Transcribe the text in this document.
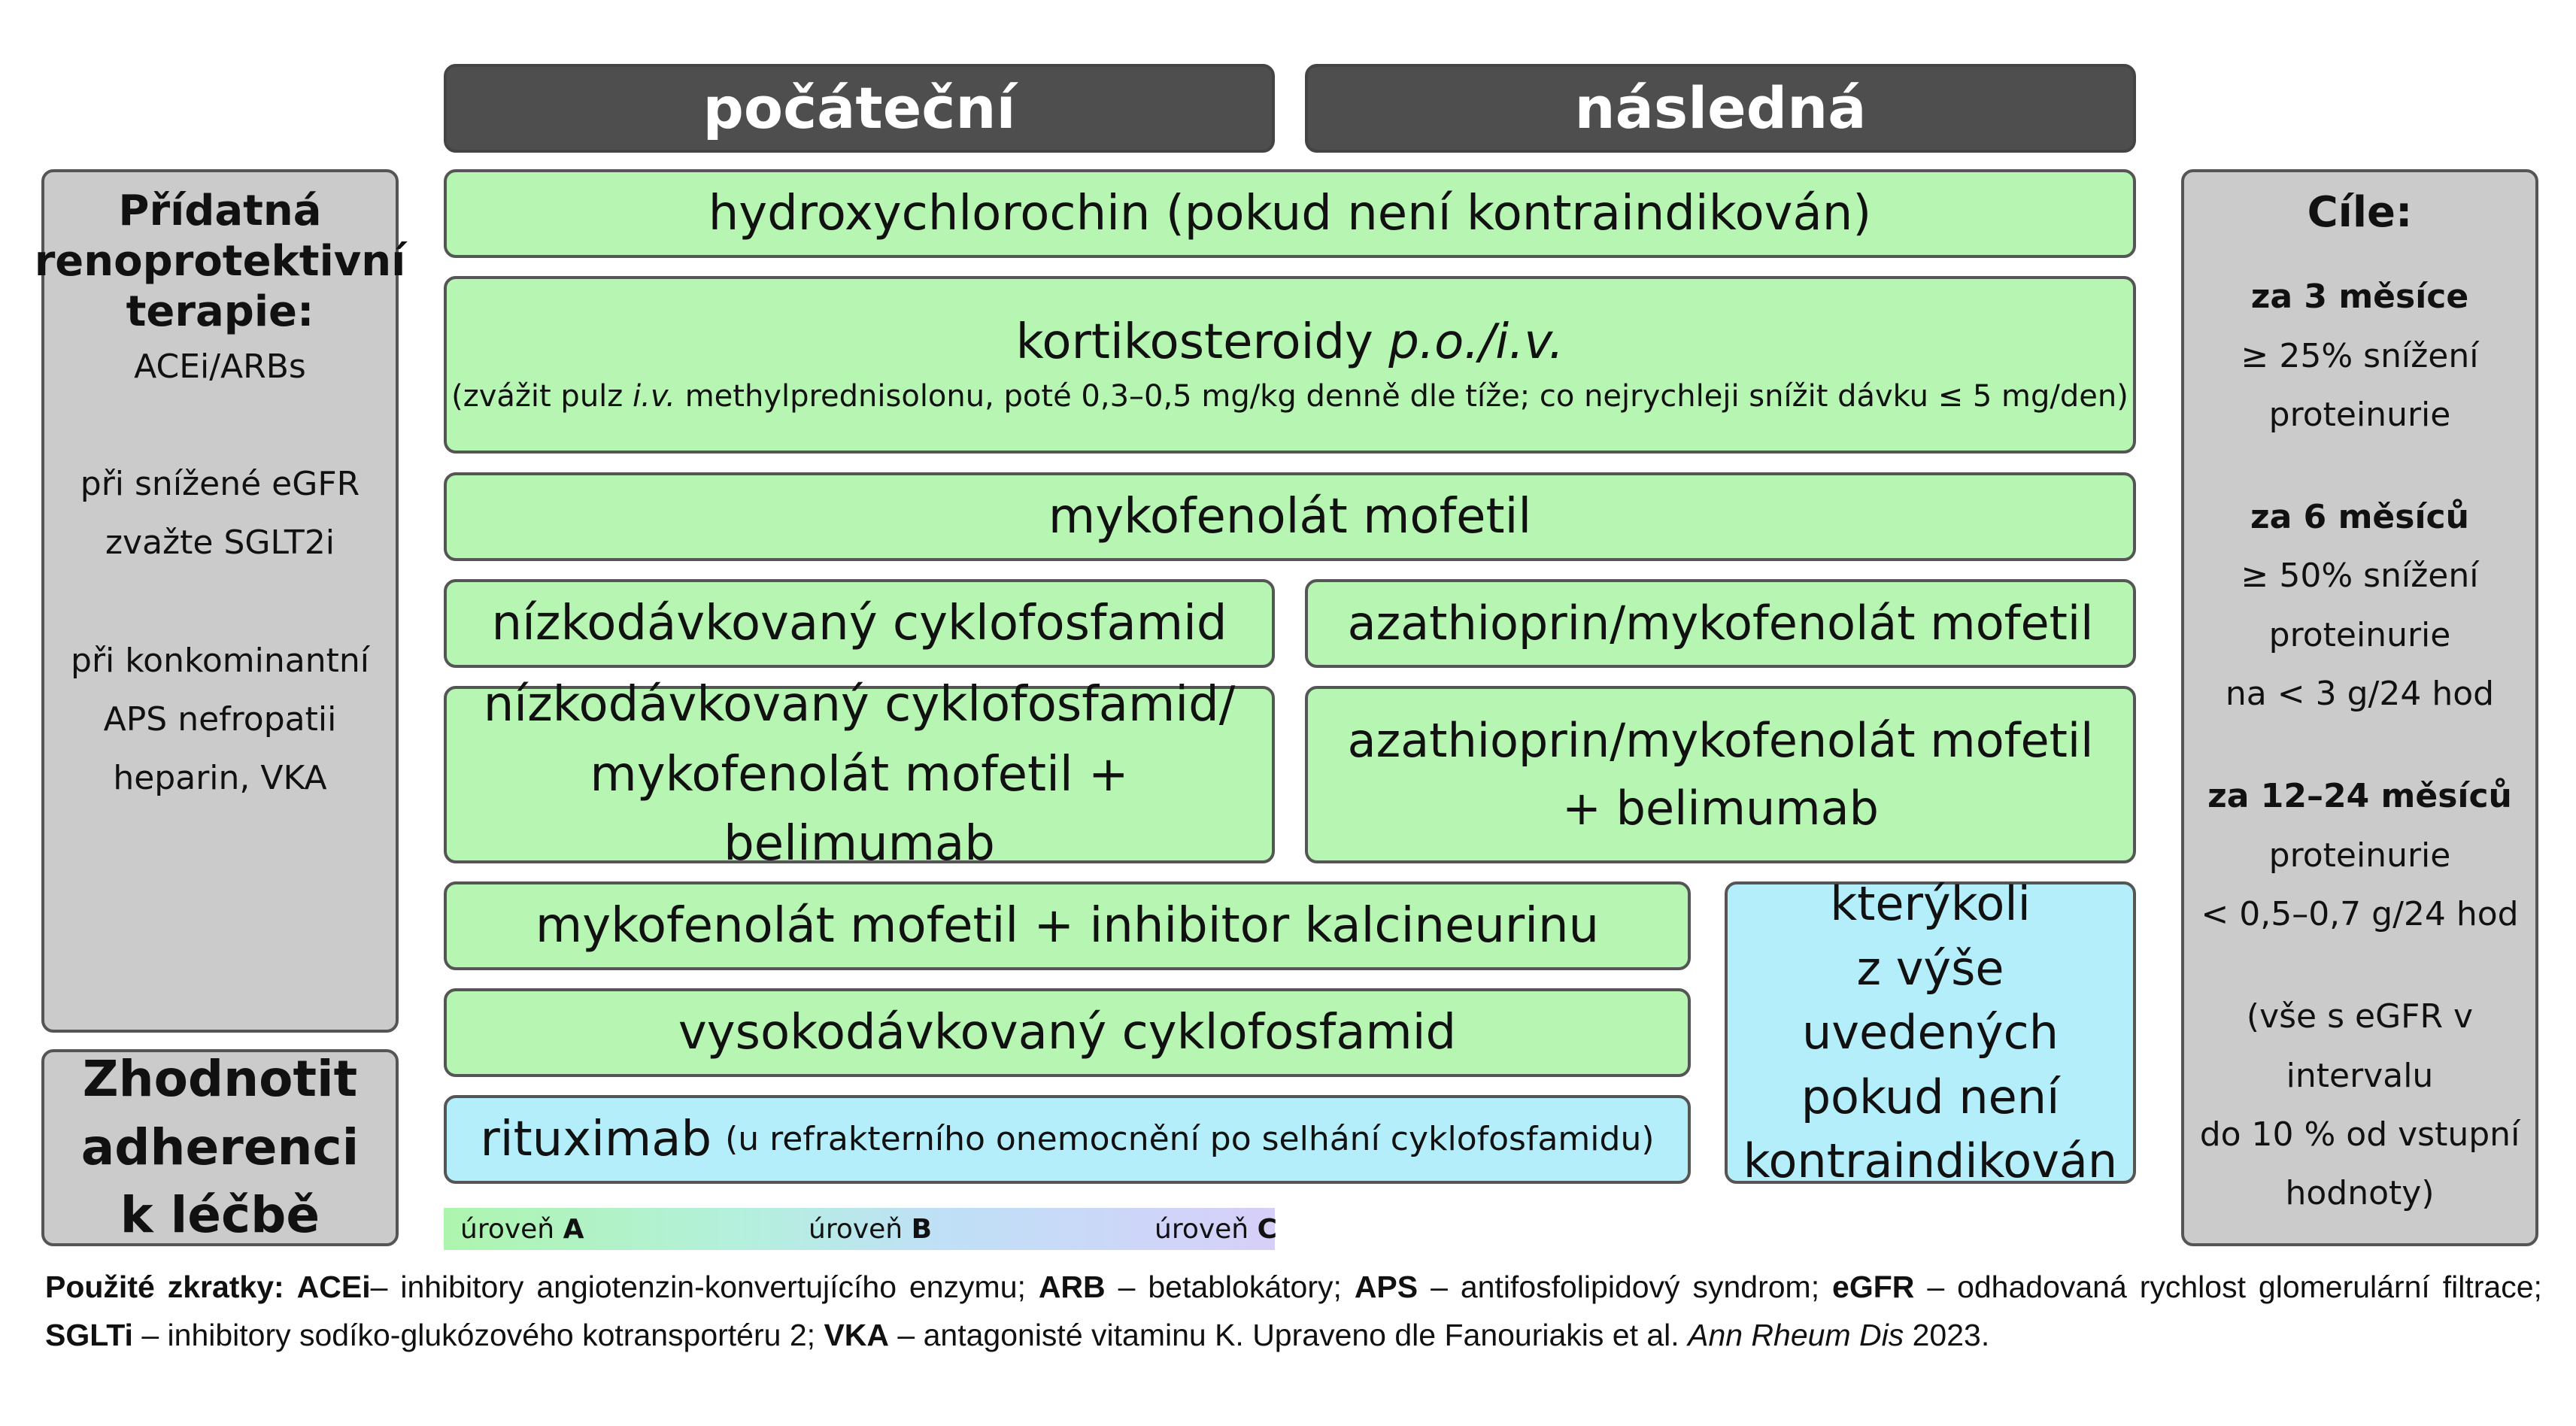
počáteční	následná
Přídatná renoprotektivní terapie:

ACEi/ARBs

při snížené eGFR

zvažte SGLT2i

při konkominantní

APS nefropatii

heparin, VKA

Zhodnotit adherenci k léčbě
hydroxychlorochin (pokud není kontraindikován)
kortikosteroidy p.o./i.v.
(zvážit pulz i.v. methylprednisolonu, poté 0,3–0,5 mg/kg denně dle tíže; co nejrychleji snížit dávku ≤ 5 mg/den)
mykofenolát mofetil
nízkodávkovaný cyklofosfamid	azathioprin/mykofenolát mofetil
nízkodávkovaný cyklofosfamid/
mykofenolát mofetil + belimumab
azathioprin/mykofenolát mofetil
+ belimumab
mykofenolát mofetil + inhibitor kalcineurinu
vysokodávkovaný cyklofosfamid
rituximab (u refrakterního onemocnění po selhání cyklofosfamidu)
kterýkoli
z výše uvedených
pokud není
kontraindikován
Cíle:

za 3 měsíce

≥ 25% snížení

proteinurie

za 6 měsíců

≥ 50% snížení

proteinurie

na < 3 g/24 hod

za 12–24 měsíců

proteinurie

< 0,5–0,7 g/24 hod

(vše s eGFR v intervalu

do 10 % od vstupní

hodnoty)

úroveň A	úroveň B	úroveň C
Použité zkratky: ACEi– inhibitory angiotenzin-konvertujícího enzymu; ARB – betablokátory; APS – antifosfolipidový syndrom; eGFR – odhadovaná rychlost glomerulární filtrace;
SGLTi – inhibitory sodíko-glukózového kotransportéru 2; VKA – antagonisté vitaminu K. Upraveno dle Fanouriakis et al. Ann Rheum Dis 2023.
